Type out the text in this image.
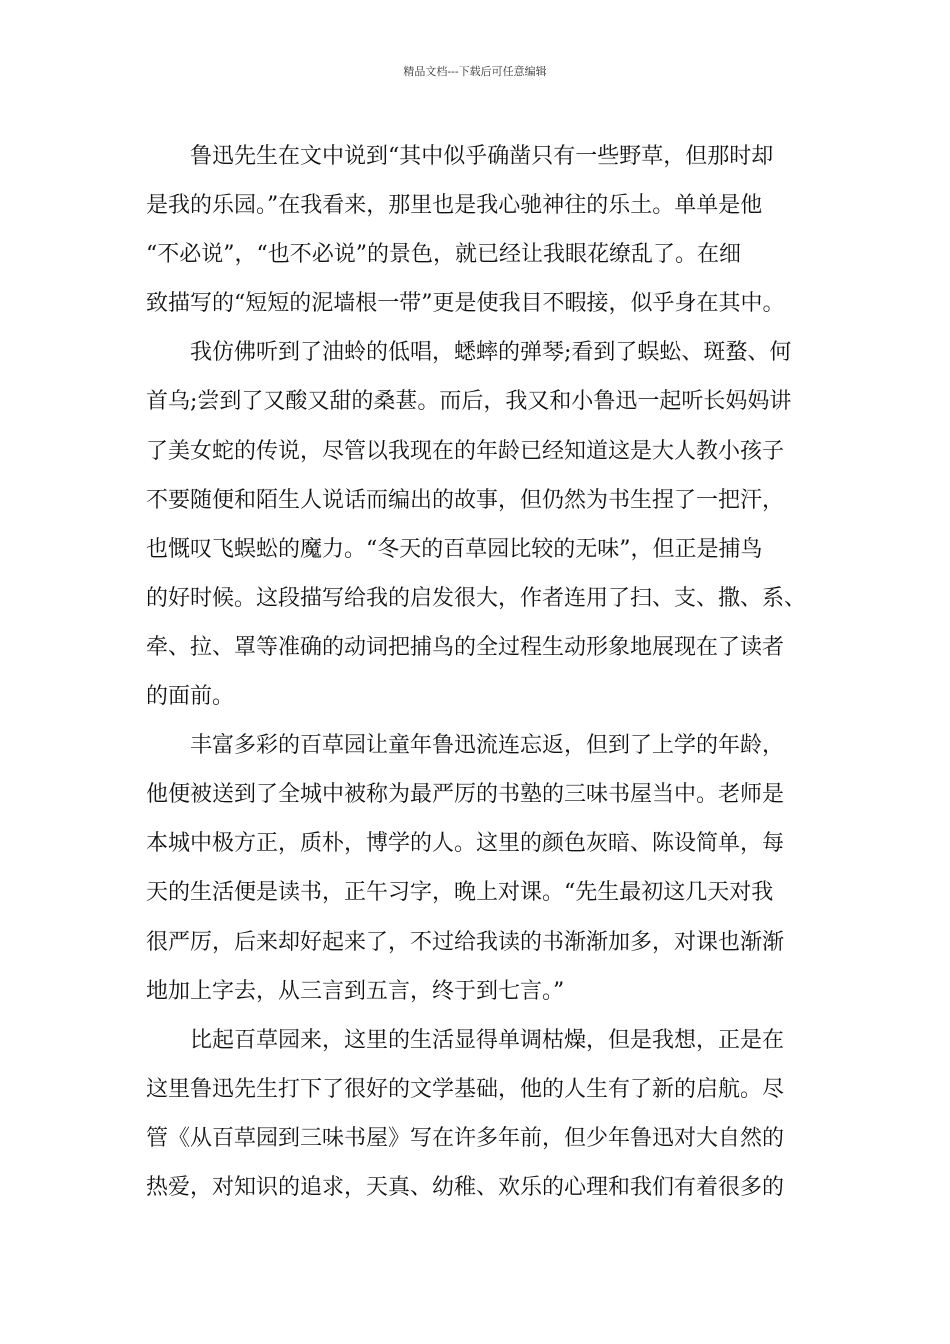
精品文档---下载后可任意编辑
　　鲁迅先生在文中说到“其中似乎确凿只有一些野草，但那时却
是我的乐园。”在我看来，那里也是我心驰神往的乐土。单单是他
“不必说”，“也不必说”的景色，就已经让我眼花缭乱了。在细
致描写的“短短的泥墙根一带”更是使我目不暇接，似乎身在其中。
　　我仿佛听到了油蛉的低唱，蟋蟀的弹琴;看到了蜈蚣、斑蝥、何
首乌;尝到了又酸又甜的桑葚。而后，我又和小鲁迅一起听长妈妈讲
了美女蛇的传说，尽管以我现在的年龄已经知道这是大人教小孩子
不要随便和陌生人说话而编出的故事，但仍然为书生捏了一把汗，
也慨叹飞蜈蚣的魔力。“冬天的百草园比较的无味”，但正是捕鸟
的好时候。这段描写给我的启发很大，作者连用了扫、支、撒、系、
牵、拉、罩等准确的动词把捕鸟的全过程生动形象地展现在了读者
的面前。
　　丰富多彩的百草园让童年鲁迅流连忘返，但到了上学的年龄，
他便被送到了全城中被称为最严厉的书塾的三味书屋当中。老师是
本城中极方正，质朴，博学的人。这里的颜色灰暗、陈设简单，每
天的生活便是读书，正午习字，晚上对课。“先生最初这几天对我
很严厉，后来却好起来了，不过给我读的书渐渐加多，对课也渐渐
地加上字去，从三言到五言，终于到七言。”
　　比起百草园来，这里的生活显得单调枯燥，但是我想，正是在
这里鲁迅先生打下了很好的文学基础，他的人生有了新的启航。尽
管《从百草园到三味书屋》写在许多年前，但少年鲁迅对大自然的
热爱，对知识的追求，天真、幼稚、欢乐的心理和我们有着很多的
